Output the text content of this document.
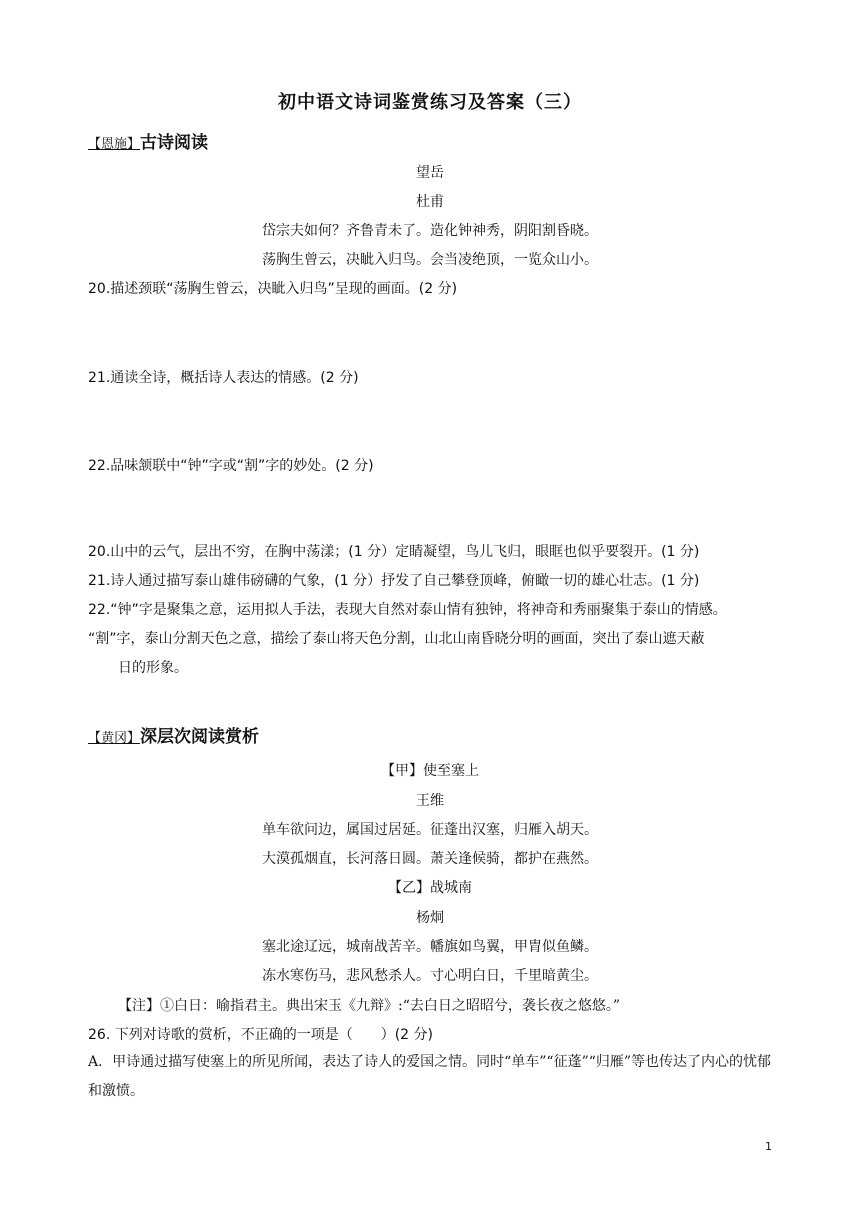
初中语文诗词鉴赏练习及答案（三）
【恩施】古诗阅读
望岳
杜甫
岱宗夫如何？齐鲁青未了。造化钟神秀，阴阳割昏晓。
荡胸生曾云，决眦入归鸟。会当凌绝顶，一览众山小。
20.描述颈联“荡胸生曾云，决眦入归鸟”呈现的画面。(2 分)
21.通读全诗，概括诗人表达的情感。(2 分)
22.品味颔联中“钟”字或“割”字的妙处。(2 分)
20.山中的云气，层出不穷，在胸中荡漾；(1 分）定睛凝望，鸟儿飞归，眼眶也似乎要裂开。(1 分)
21.诗人通过描写泰山雄伟磅礴的气象，(1 分）抒发了自己攀登顶峰，俯瞰一切的雄心壮志。(1 分)
22.“钟”字是聚集之意，运用拟人手法，表现大自然对泰山情有独钟，将神奇和秀丽聚集于泰山的情感。
“割”字，泰山分割天色之意，描绘了泰山将天色分割，山北山南昏晓分明的画面，突出了泰山遮天蔽
日的形象。
【黄冈】深层次阅读赏析
【甲】使至塞上
王维
单车欲问边，属国过居延。征蓬出汉塞，归雁入胡天。
大漠孤烟直，长河落日圆。萧关逢候骑，都护在燕然。
【乙】战城南
杨炯
塞北途辽远，城南战苦辛。幡旗如鸟翼，甲胄似鱼鳞。
冻水寒伤马，悲风愁杀人。寸心明白日，千里暗黄尘。
【注】①白日：喻指君主。典出宋玉《九辩》:“去白日之昭昭兮，袭长夜之悠悠。”
26. 下列对诗歌的赏析，不正确的一项是（　　）(2 分)
A．甲诗通过描写使塞上的所见所闻，表达了诗人的爱国之情。同时“单车”“征蓬”“归雁”等也传达了内心的忧郁和激愤。
1
